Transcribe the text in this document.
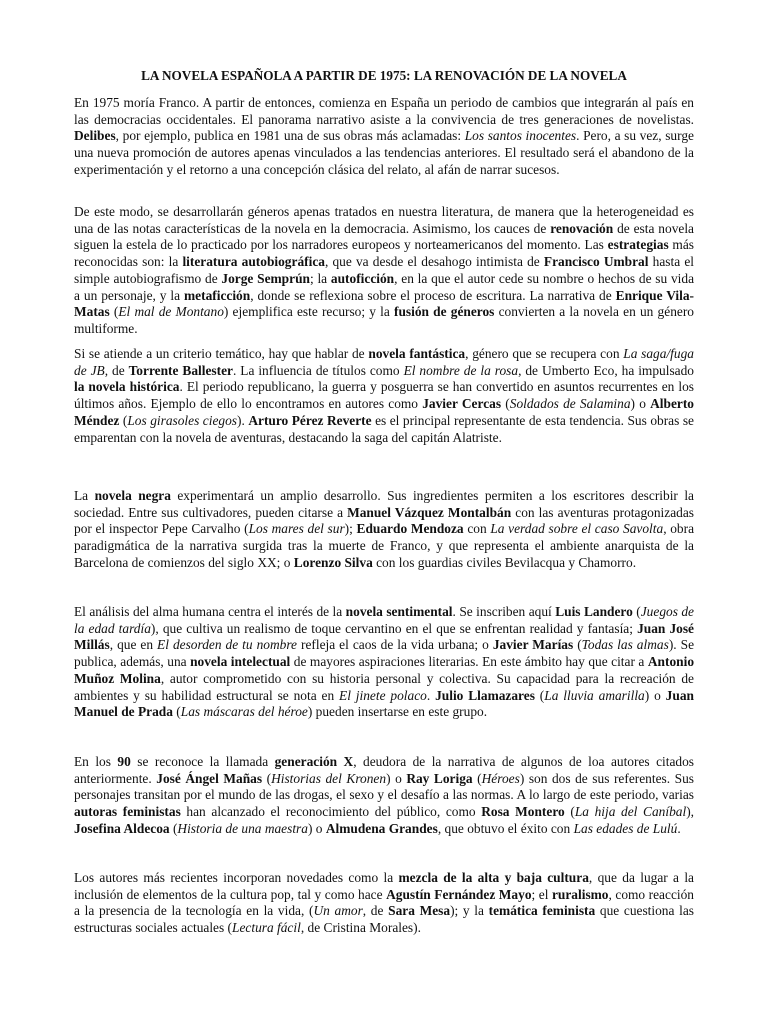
LA NOVELA ESPAÑOLA A PARTIR DE 1975: LA RENOVACIÓN DE LA NOVELA

En 1975 moría Franco. A partir de entonces, comienza en España un periodo de cambios que integrarán al país en las democracias occidentales. El panorama narrativo asiste a la convivencia de tres generaciones de novelistas. Delibes, por ejemplo, publica en 1981 una de sus obras más aclamadas: Los santos inocentes. Pero, a su vez, surge una nueva promoción de autores apenas vinculados a las tendencias anteriores. El resultado será el abandono de la experimentación y el retorno a una concepción clásica del relato, al afán de narrar sucesos.

De este modo, se desarrollarán géneros apenas tratados en nuestra literatura, de manera que la heterogeneidad es una de las notas características de la novela en la democracia. Asimismo, los cauces de renovación de esta novela siguen la estela de lo practicado por los narradores europeos y norteamericanos del momento. Las estrategias más reconocidas son: la literatura autobiográfica, que va desde el desahogo intimista de Francisco Umbral hasta el simple autobiografismo de Jorge Semprún; la autoficción, en la que el autor cede su nombre o hechos de su vida a un personaje, y la metaficción, donde se reflexiona sobre el proceso de escritura. La narrativa de Enrique Vila-Matas (El mal de Montano) ejemplifica este recurso; y la fusión de géneros convierten a la novela en un género multiforme.

Si se atiende a un criterio temático, hay que hablar de novela fantástica, género que se recupera con La saga/fuga de JB, de Torrente Ballester. La influencia de títulos como El nombre de la rosa, de Umberto Eco, ha impulsado la novela histórica. El periodo republicano, la guerra y posguerra se han convertido en asuntos recurrentes en los últimos años. Ejemplo de ello lo encontramos en autores como Javier Cercas (Soldados de Salamina) o Alberto Méndez (Los girasoles ciegos). Arturo Pérez Reverte es el principal representante de esta tendencia. Sus obras se emparentan con la novela de aventuras, destacando la saga del capitán Alatriste.

La novela negra experimentará un amplio desarrollo. Sus ingredientes permiten a los escritores describir la sociedad. Entre sus cultivadores, pueden citarse a Manuel Vázquez Montalbán con las aventuras protagonizadas por el inspector Pepe Carvalho (Los mares del sur); Eduardo Mendoza con La verdad sobre el caso Savolta, obra paradigmática de la narrativa surgida tras la muerte de Franco, y que representa el ambiente anarquista de la Barcelona de comienzos del siglo XX; o Lorenzo Silva con los guardias civiles Bevilacqua y Chamorro.

El análisis del alma humana centra el interés de la novela sentimental. Se inscriben aquí Luis Landero (Juegos de la edad tardía), que cultiva un realismo de toque cervantino en el que se enfrentan realidad y fantasía; Juan José Millás, que en El desorden de tu nombre refleja el caos de la vida urbana; o Javier Marías (Todas las almas). Se publica, además, una novela intelectual de mayores aspiraciones literarias. En este ámbito hay que citar a Antonio Muñoz Molina, autor comprometido con su historia personal y colectiva. Su capacidad para la recreación de ambientes y su habilidad estructural se nota en El jinete polaco. Julio Llamazares (La lluvia amarilla) o Juan Manuel de Prada (Las máscaras del héroe) pueden insertarse en este grupo.

En los 90 se reconoce la llamada generación X, deudora de la narrativa de algunos de loa autores citados anteriormente. José Ángel Mañas (Historias del Kronen) o Ray Loriga (Héroes) son dos de sus referentes. Sus personajes transitan por el mundo de las drogas, el sexo y el desafío a las normas. A lo largo de este periodo, varias autoras feministas han alcanzado el reconocimiento del público, como Rosa Montero (La hija del Caníbal), Josefina Aldecoa (Historia de una maestra) o Almudena Grandes, que obtuvo el éxito con Las edades de Lulú.

Los autores más recientes incorporan novedades como la mezcla de la alta y baja cultura, que da lugar a la inclusión de elementos de la cultura pop, tal y como hace Agustín Fernández Mayo; el ruralismo, como reacción a la presencia de la tecnología en la vida, (Un amor, de Sara Mesa); y la temática feminista que cuestiona las estructuras sociales actuales (Lectura fácil, de Cristina Morales).
